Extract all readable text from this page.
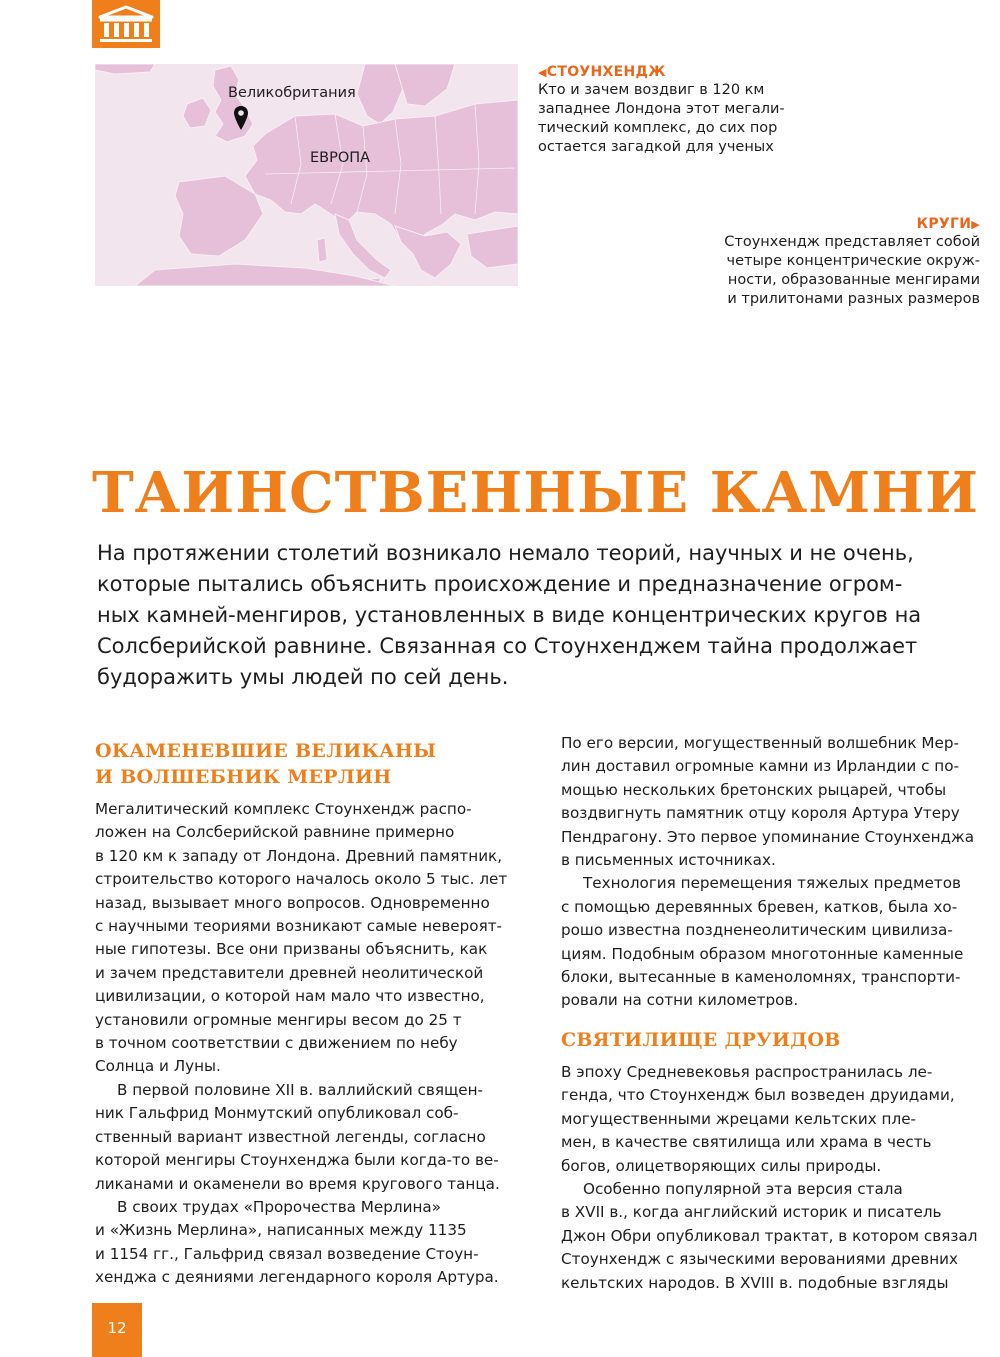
Великобритания
ЕВРОПА
◀СТОУНХЕНДЖ
Кто и зачем воздвиг в 120 км
западнее Лондона этот мегали-
тический комплекс, до сих пор
остается загадкой для ученых
КРУГИ▶
Стоунхендж представляет собой
четыре концентрические окруж-
ности, образованные менгирами
и трилитонами разных размеров
ТАИНСТВЕННЫЕ КАМНИ
На протяжении столетий возникало немало теорий, научных и не очень,
которые пытались объяснить происхождение и предназначение огром-
ных камней-менгиров, установленных в виде концентрических кругов на
Солсберийской равнине. Связанная со Стоунхенджем тайна продолжает
будоражить умы людей по сей день.
ОКАМЕНЕВШИЕ ВЕЛИКАНЫ
И ВОЛШЕБНИК МЕРЛИН
Мегалитический комплекс Стоунхендж распо-
ложен на Солсберийской равнине примерно
в 120 км к западу от Лондона. Древний памятник,
строительство которого началось около 5 тыс. лет
назад, вызывает много вопросов. Одновременно
с научными теориями возникают самые неверoят-
ные гипотезы. Все они призваны объяснить, как
и зачем представители древней неолитической
цивилизации, о которой нам мало что известно,
установили огромные менгиры весом до 25 т
в точном соответствии с движением по небу
Солнца и Луны.
В первой половине XII в. валлийский священ-
ник Гальфрид Монмутский опубликовал соб-
ственный вариант известной легенды, согласно
которой менгиры Стоунхенджа были когда-то ве-
ликанами и окаменели во время кругового танца.
В своих трудах «Пророчества Мерлина»
и «Жизнь Мерлина», написанных между 1135
и 1154 гг., Гальфрид связал возведение Стоун-
хенджа с деяниями легендарного короля Артура.
По его версии, могущественный волшебник Мер-
лин доставил огромные камни из Ирландии с по-
мощью нескольких бретонских рыцарей, чтобы
воздвигнуть памятник отцу короля Артура Утеру
Пендрагону. Это первое упоминание Стоунхенджа
в письменных источниках.
Технология перемещения тяжелых предметов
с помощью деревянных бревен, катков, была хо-
рошо известна поздненеолитическим цивилиза-
циям. Подобным образом многотонные каменные
блоки, вытесанные в каменоломнях, транспорти-
ровали на сотни километров.
СВЯТИЛИЩЕ ДРУИДОВ
В эпоху Средневековья распространилась ле-
генда, что Стоунхендж был возведен друидами,
могущественными жрецами кельтских пле-
мен, в качестве святилища или храма в честь
богов, олицетворяющих силы природы.
Особенно популярной эта версия стала
в XVII в., когда английский историк и писатель
Джон Обри опубликовал трактат, в котором связал
Стоунхендж с языческими верованиями древних
кельтских народов. В XVIII в. подобные взгляды
12
